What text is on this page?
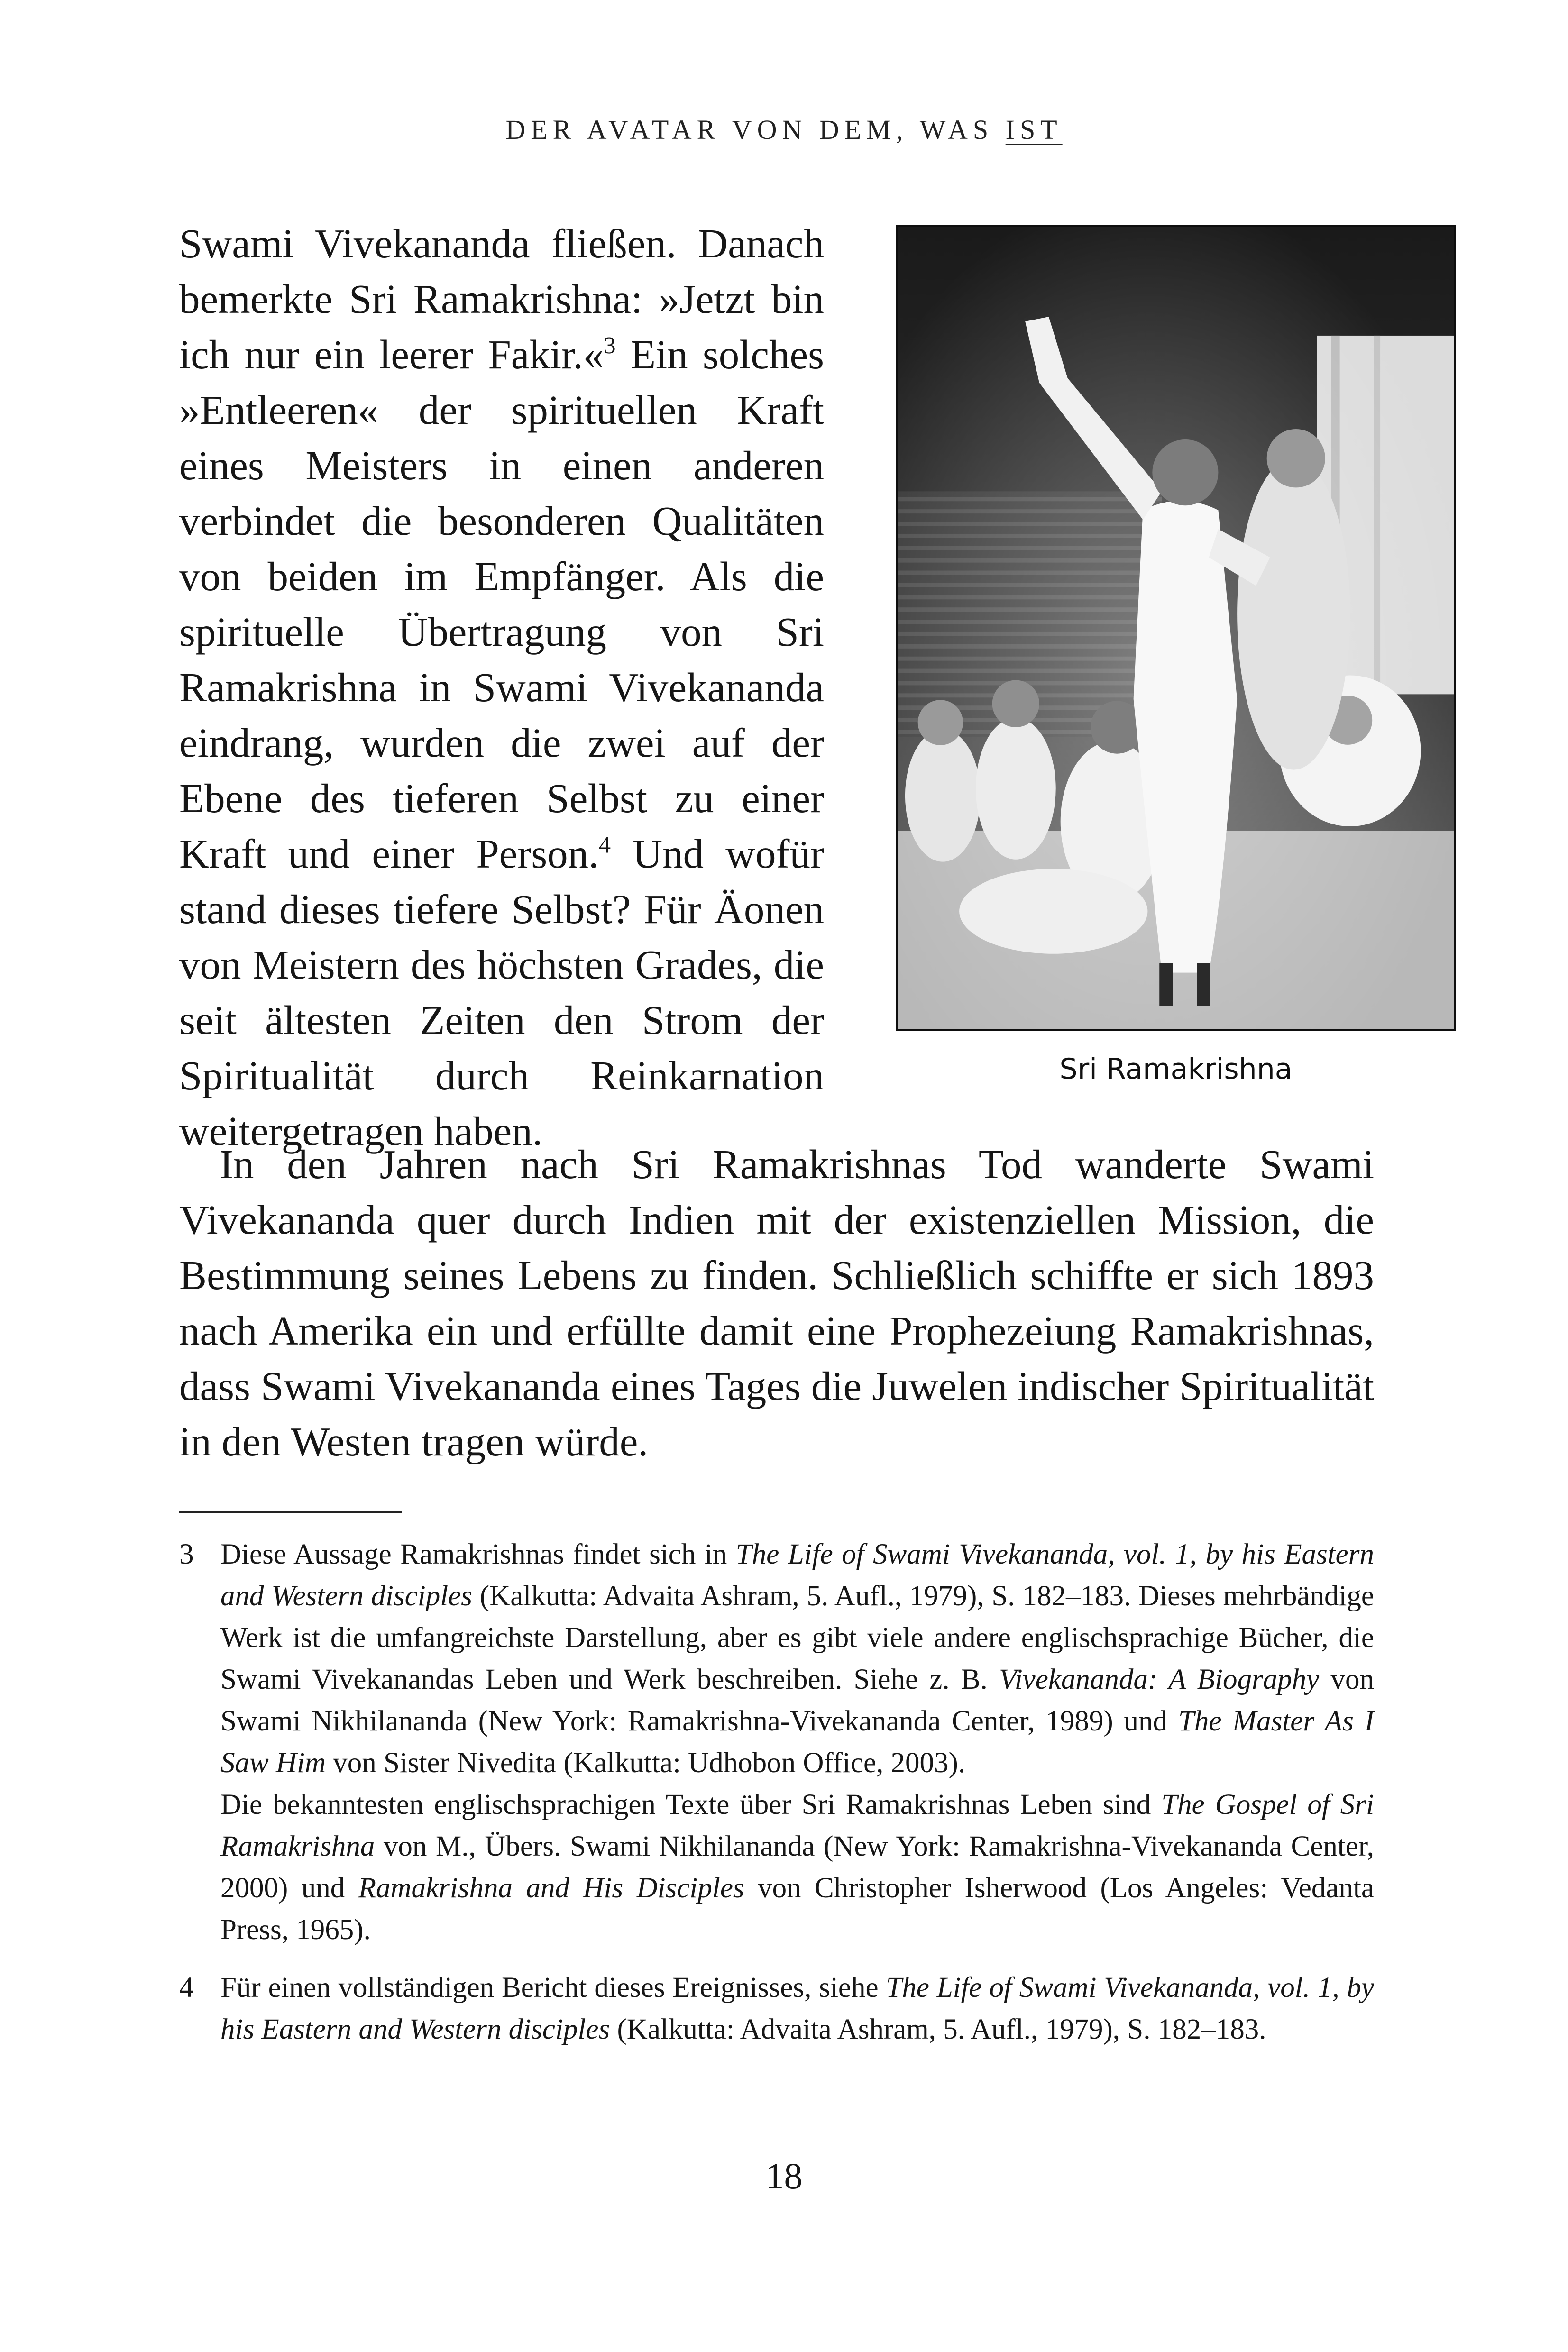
DER AVATAR VON DEM, WAS IST

Swami Vivekananda fließen. Danach bemerkte Sri Ramakrishna: »Jetzt bin ich nur ein leerer Fakir.«$^3$ Ein solches »Entleeren« der spirituellen Kraft eines Meisters in einen anderen verbindet die besonderen Qualitäten von beiden im Empfänger. Als die spirituelle Übertragung von Sri Ramakrishna in Swami Vivekananda eindrang, wurden die zwei auf der Ebene des tieferen Selbst zu einer Kraft und einer Person.$^4$ Und wofür stand dieses tiefere Selbst? Für Äonen von Meistern des höchsten Grades, die seit ältesten Zeiten den Strom der Spiritualität durch Reinkarnation weitergetragen haben.

Sri Ramakrishna

In den Jahren nach Sri Ramakrishnas Tod wanderte Swami Vivekananda quer durch Indien mit der existenziellen Mission, die Bestimmung seines Lebens zu finden. Schließlich schiffte er sich 1893 nach Amerika ein und erfüllte damit eine Prophezeiung Ramakrishnas, dass Swami Vivekananda eines Tages die Juwelen indischer Spiritualität in den Westen tragen würde.

3 Diese Aussage Ramakrishnas findet sich in The Life of Swami Vivekananda, vol. 1, by his Eastern and Western disciples (Kalkutta: Advaita Ashram, 5. Aufl., 1979), S. 182–183. Dieses mehrbändige Werk ist die umfangreichste Darstellung, aber es gibt viele andere englischsprachige Bücher, die Swami Vivekanandas Leben und Werk beschreiben. Siehe z. B. Vivekananda: A Biography von Swami Nikhilananda (New York: Ramakrishna-Vivekananda Center, 1989) und The Master As I Saw Him von Sister Nivedita (Kalkutta: Udhobon Office, 2003).

Die bekanntesten englischsprachigen Texte über Sri Ramakrishnas Leben sind The Gospel of Sri Ramakrishna von M., Übers. Swami Nikhilananda (New York: Ramakrishna-Vivekananda Center, 2000) und Ramakrishna and His Disciples von Christopher Isherwood (Los Angeles: Vedanta Press, 1965).

4 Für einen vollständigen Bericht dieses Ereignisses, siehe The Life of Swami Vivekananda, vol. 1, by his Eastern and Western disciples (Kalkutta: Advaita Ashram, 5. Aufl., 1979), S. 182–183.

18
